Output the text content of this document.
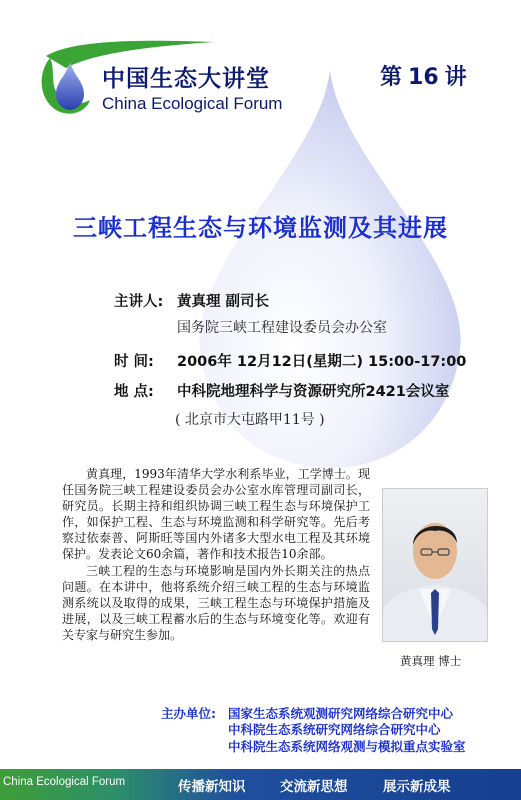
中国生态大讲堂
China Ecological Forum
第 16 讲
三峡工程生态与环境监测及其进展
主讲人: 黄真理 副司长
国务院三峡工程建设委员会办公室
时 间: 2006年 12月12日(星期二) 15:00-17:00
地 点: 中科院地理科学与资源研究所2421会议室
( 北京市大屯路甲11号 )

黄真理，1993年清华大学水利系毕业，工学博士。现任国务院三峡工程建设委员会办公室水库管理司副司长，研究员。长期主持和组织协调三峡工程生态与环境保护工作，如保护工程、生态与环境监测和科学研究等。先后考察过依泰普、阿斯旺等国内外诸多大型水电工程及其环境保护。发表论文60余篇，著作和技术报告10余部。

三峡工程的生态与环境影响是国内外长期关注的热点问题。在本讲中，他将系统介绍三峡工程的生态与环境监测系统以及取得的成果，三峡工程生态与环境保护措施及进展，以及三峡工程蓄水后的生态与环境变化等。欢迎有关专家与研究生参加。

黄真理 博士
主办单位: 国家生态系统观测研究网络综合研究中心
中科院生态系统研究网络综合研究中心
中科院生态系统网络观测与模拟重点实验室
China Ecological Forum	传播新知识	交流新思想	展示新成果
